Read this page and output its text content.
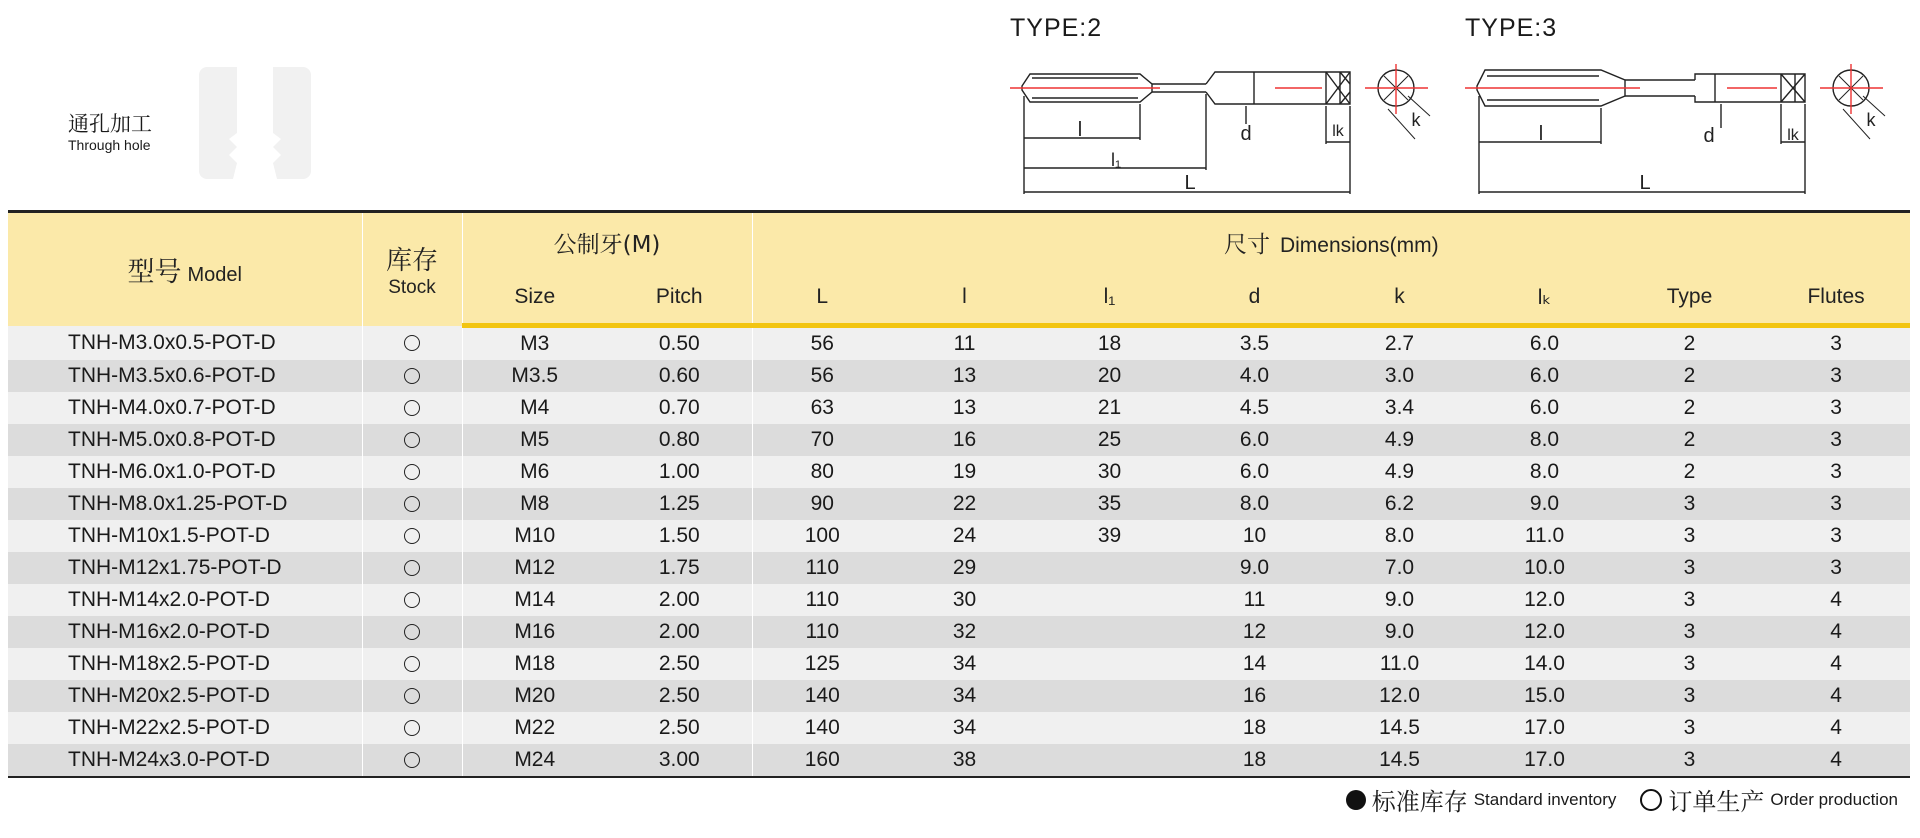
通孔加工
Through hole
TYPE:2
l
l₁
L
d	lk
k
TYPE:3
l
L
d	lk
k
型号 Model	库存
Stock	公制牙(M)		尺寸 Dimensions(mm)							
		Size	Pitch	L	l	l₁	d	k	lₖ	Type	Flutes
TNH-M3.0x0.5-POT-D		M3	0.50	56	11	18	3.5	2.7	6.0	2	3
TNH-M3.5x0.6-POT-D		M3.5	0.60	56	13	20	4.0	3.0	6.0	2	3
TNH-M4.0x0.7-POT-D		M4	0.70	63	13	21	4.5	3.4	6.0	2	3
TNH-M5.0x0.8-POT-D		M5	0.80	70	16	25	6.0	4.9	8.0	2	3
TNH-M6.0x1.0-POT-D		M6	1.00	80	19	30	6.0	4.9	8.0	2	3
TNH-M8.0x1.25-POT-D		M8	1.25	90	22	35	8.0	6.2	9.0	3	3
TNH-M10x1.5-POT-D		M10	1.50	100	24	39	10	8.0	11.0	3	3
TNH-M12x1.75-POT-D		M12	1.75	110	29		9.0	7.0	10.0	3	3
TNH-M14x2.0-POT-D		M14	2.00	110	30		11	9.0	12.0	3	4
TNH-M16x2.0-POT-D		M16	2.00	110	32		12	9.0	12.0	3	4
TNH-M18x2.5-POT-D		M18	2.50	125	34		14	11.0	14.0	3	4
TNH-M20x2.5-POT-D		M20	2.50	140	34		16	12.0	15.0	3	4
TNH-M22x2.5-POT-D		M22	2.50	140	34		18	14.5	17.0	3	4
TNH-M24x3.0-POT-D		M24	3.00	160	38		18	14.5	17.0	3	4
标准库存 Standard inventory 订单生产 Order production
